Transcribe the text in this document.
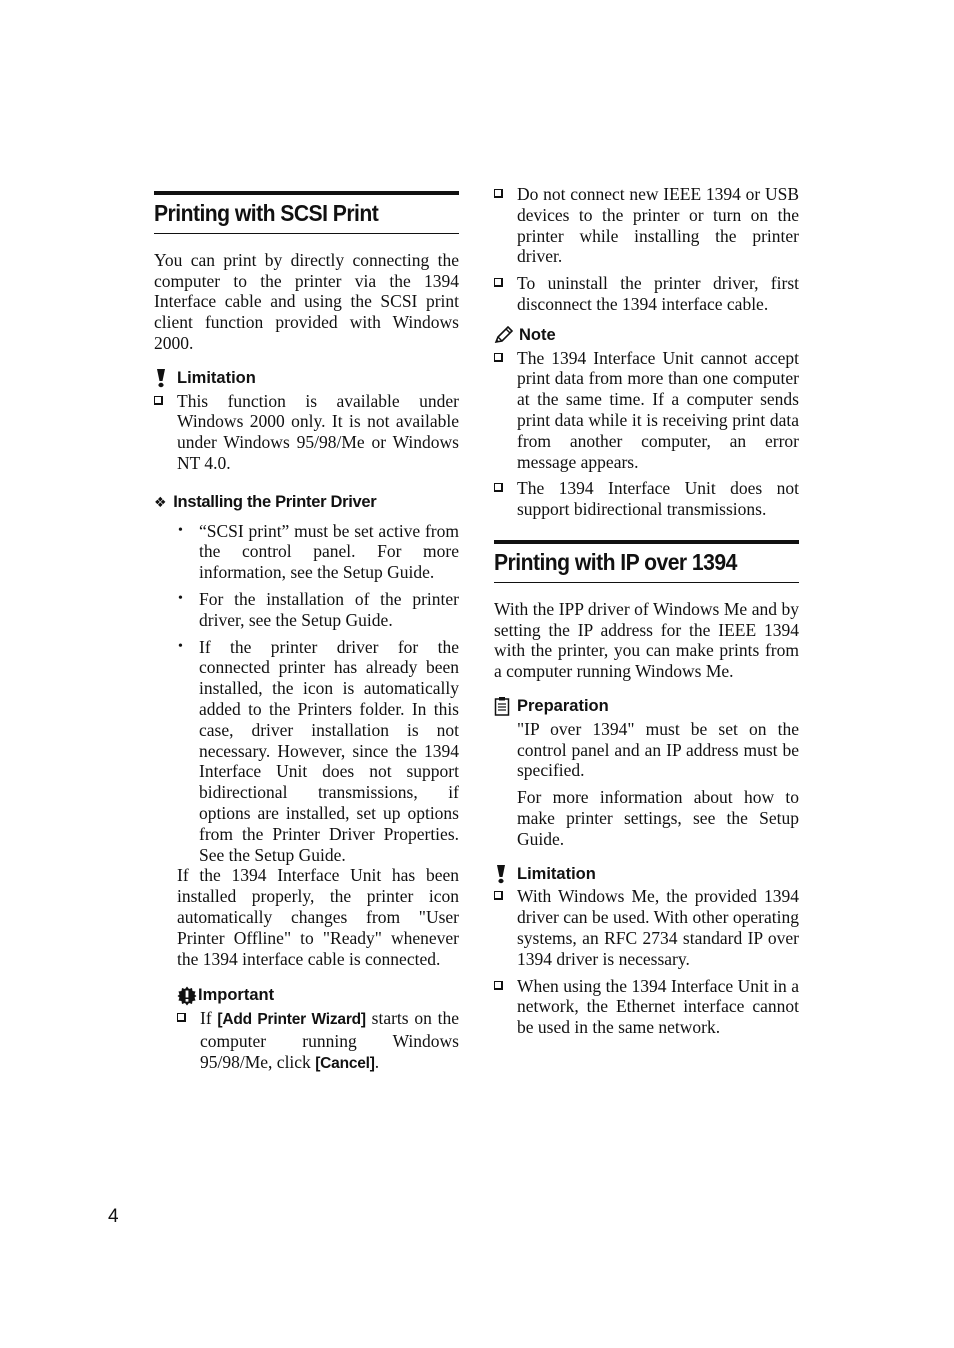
Printing with SCSI Print

You can print by directly connecting the computer to the printer via the 1394 Interface cable and using the SCSI print client function provided with Windows 2000.

Limitation

This function is available under Windows 2000 only. It is not available under Windows 95/98/Me or Windows NT 4.0.

❖ Installing the Printer Driver
• “SCSI print” must be set active from the control panel. For more information, see the Setup Guide.

• For the installation of the printer driver, see the Setup Guide.

• If the printer driver for the connected printer has already been installed, the icon is automatically added to the Printers folder. In this case, driver installation is not necessary. However, since the 1394 Interface Unit does not support bidirectional transmissions, if options are installed, set up options from the Printer Driver Properties. See the Setup Guide.

If the 1394 Interface Unit has been installed properly, the printer icon automatically changes from "User Printer Offline" to "Ready" whenever the 1394 interface cable is connected.

Important

If [Add Printer Wizard] starts on the computer running Windows 95/98/Me, click [Cancel].

Do not connect new IEEE 1394 or USB devices to the printer or turn on the printer while installing the printer driver.

To uninstall the printer driver, first disconnect the 1394 interface cable.

Note

The 1394 Interface Unit cannot accept print data from more than one computer at the same time. If a computer sends print data while it is receiving print data from another computer, an error message appears.

The 1394 Interface Unit does not support bidirectional transmissions.

Printing with IP over 1394

With the IPP driver of Windows Me and by setting the IP address for the IEEE 1394 with the printer, you can make prints from a computer running Windows Me.

Preparation

"IP over 1394" must be set on the control panel and an IP address must be specified.

For more information about how to make printer settings, see the Setup Guide.

Limitation

With Windows Me, the provided 1394 driver can be used. With other operating systems, an RFC 2734 standard IP over 1394 driver is necessary.

When using the 1394 Interface Unit in a network, the Ethernet interface cannot be used in the same network.

4
